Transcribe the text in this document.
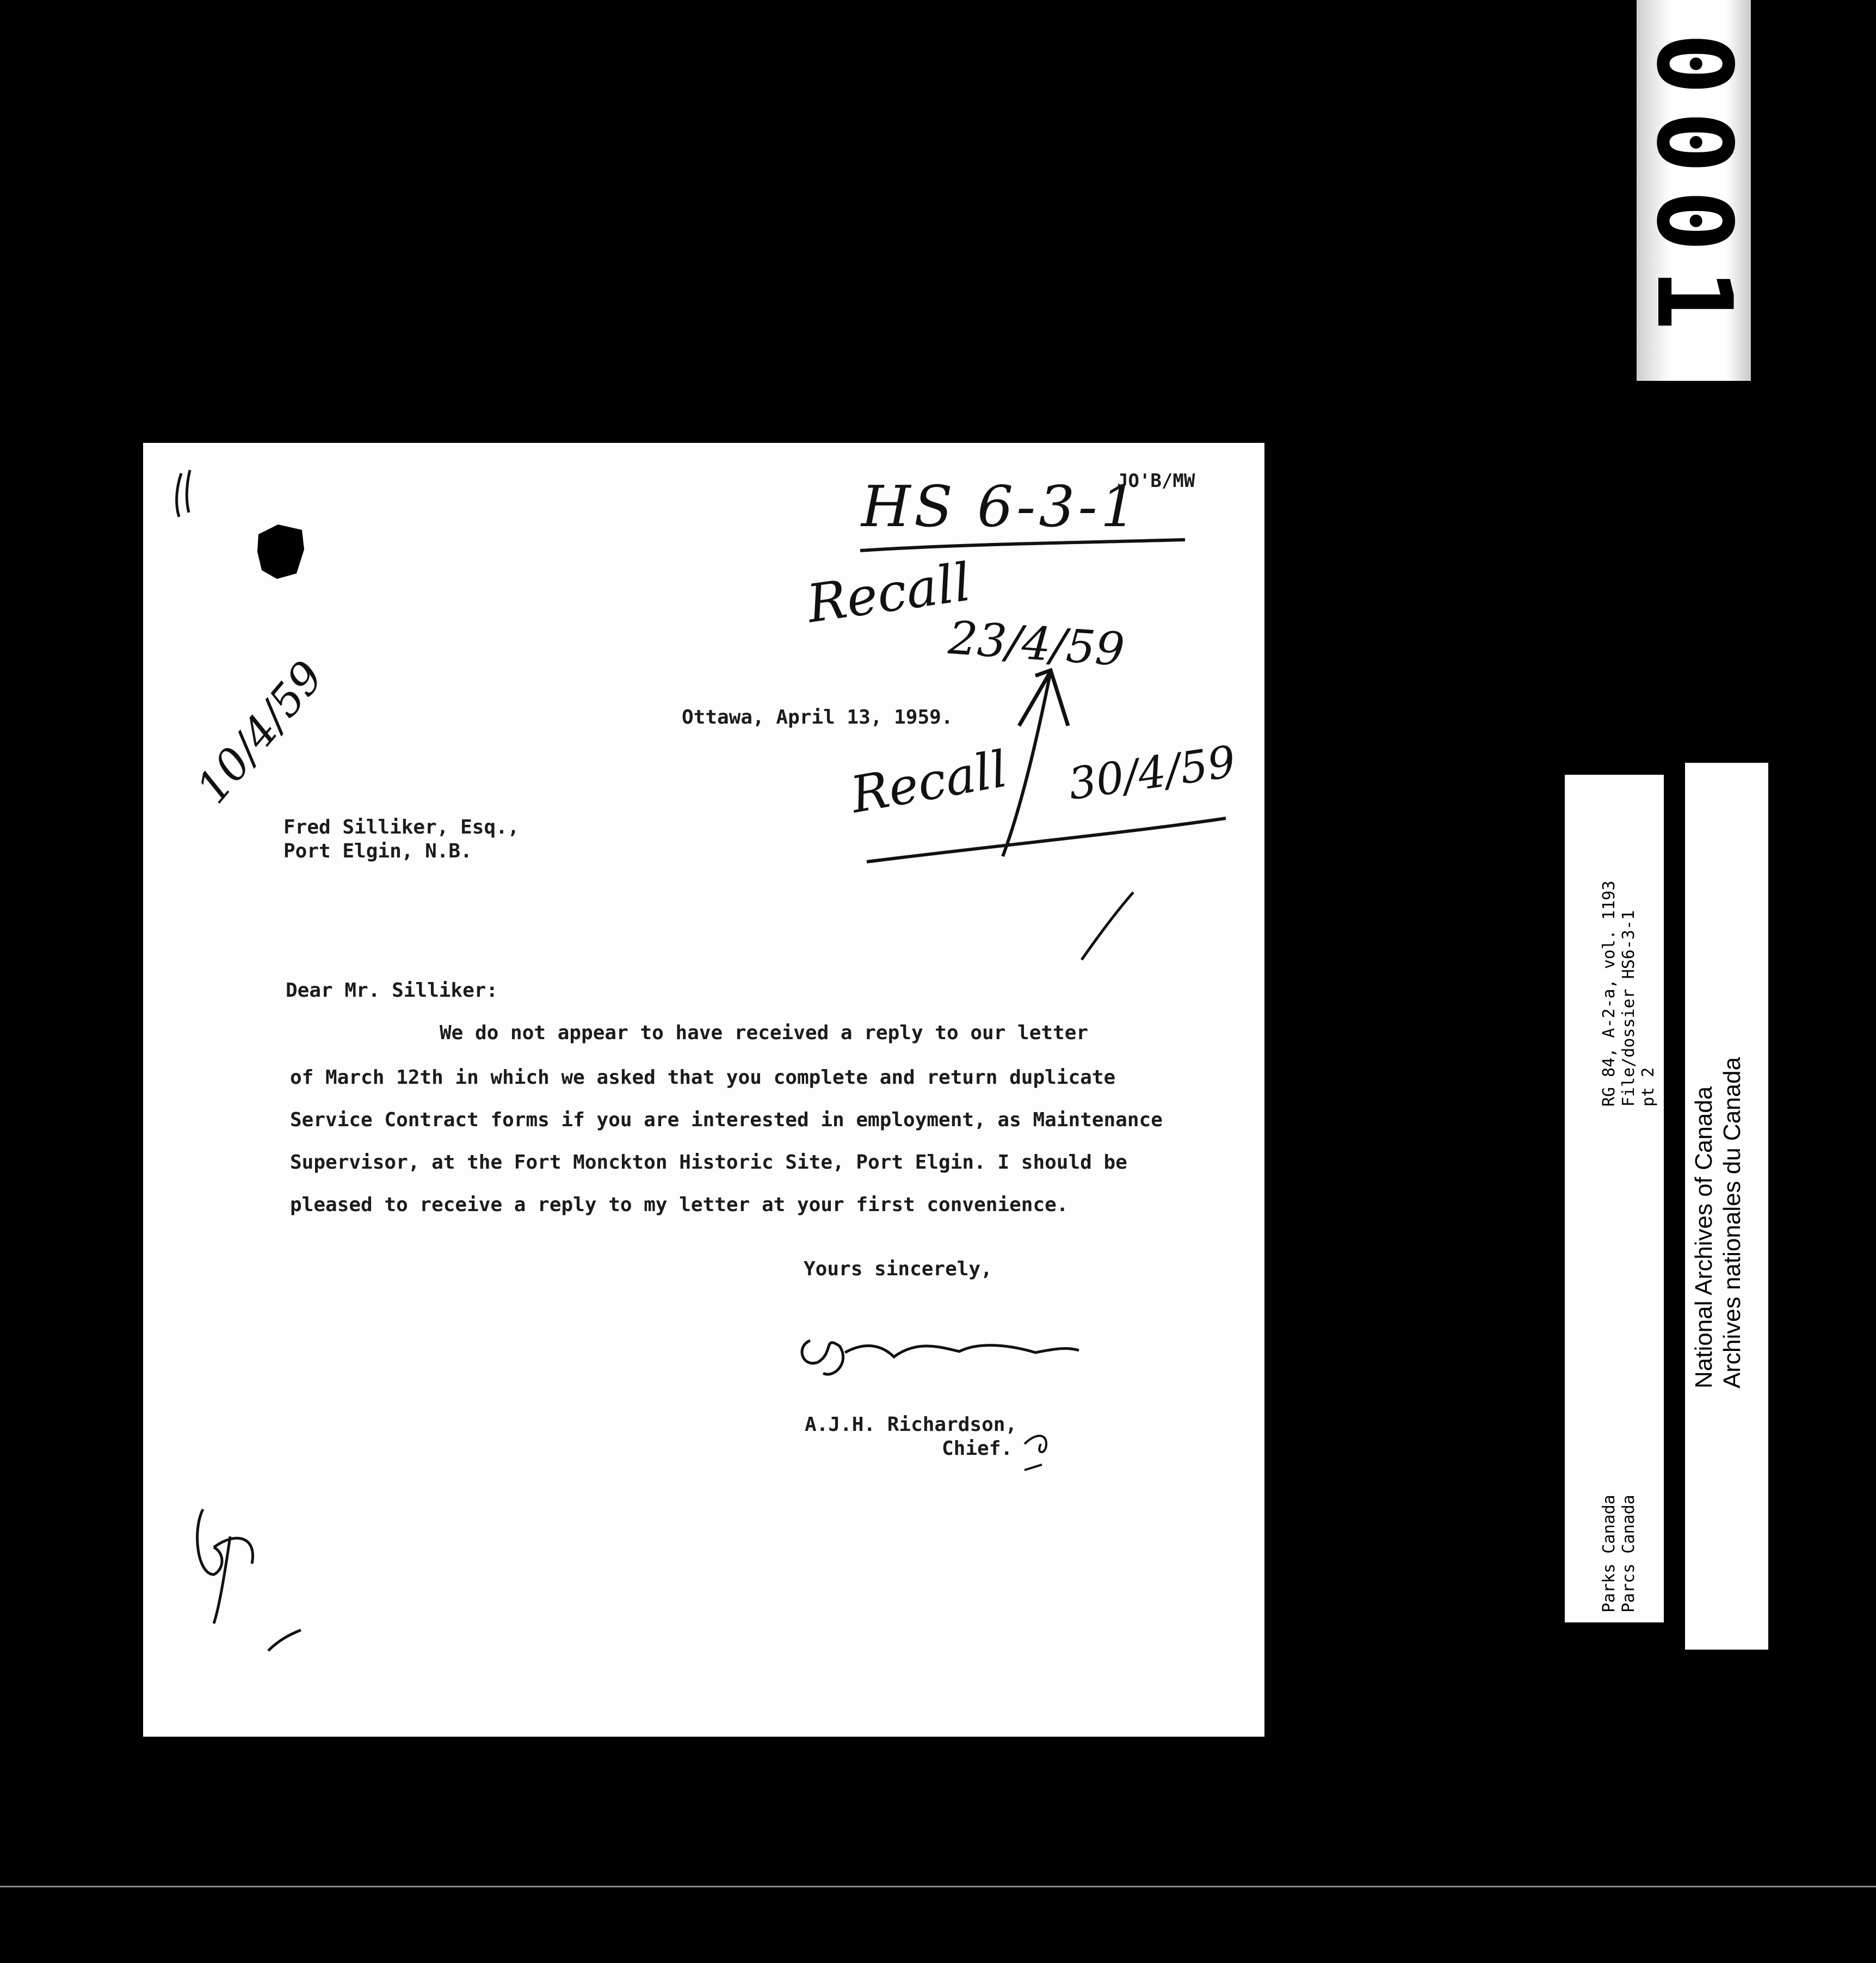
0001
HS 6-3-1
Recall
23/4/59
Recall 30/4/59
10/4/59
JO'B/MW
Ottawa, April 13, 1959.
Fred Silliker, Esq.,
Port Elgin, N.B.
Dear Mr. Silliker:
We do not appear to have received a reply to our letter
of March 12th in which we asked that you complete and return duplicate
Service Contract forms if you are interested in employment, as Maintenance
Supervisor, at the Fort Monckton Historic Site, Port Elgin. I should be
pleased to receive a reply to my letter at your first convenience.
Yours sincerely,
A.J.H. Richardson,
Chief.
RG 84, A-2-a, vol. 1193 File/dossier HS6-3-1 pt 2
Parks Canada Parcs Canada
National Archives of Canada Archives nationales du Canada
